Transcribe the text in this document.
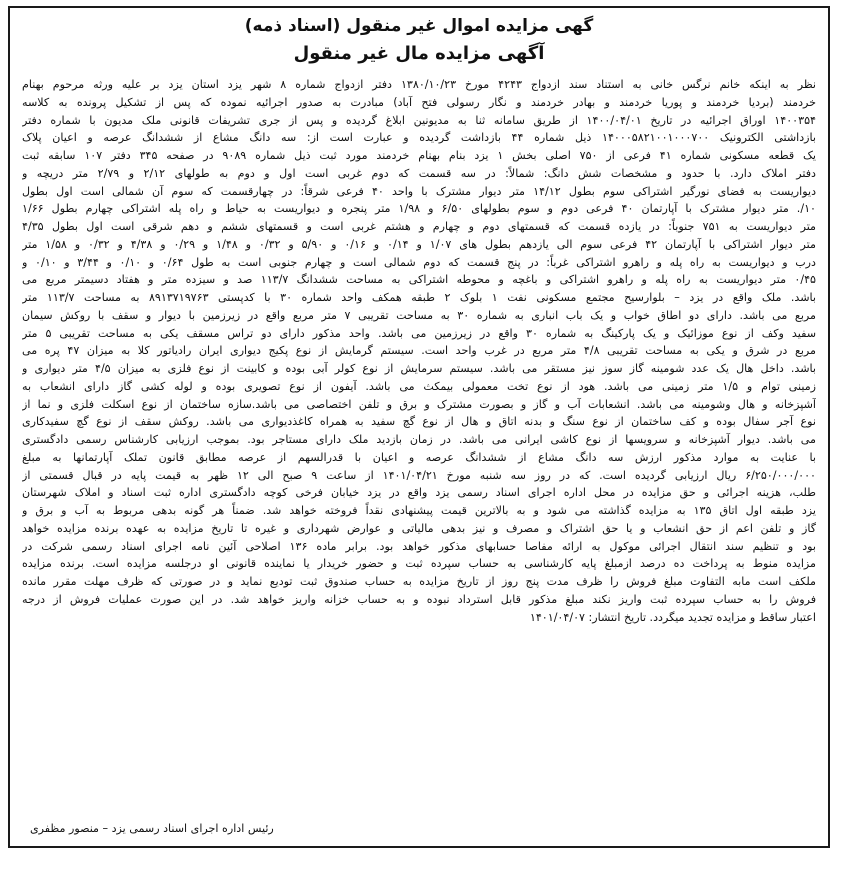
گهی مزایده اموال غیر منقول (اسناد ذمه)
آگهی مزایده مال غیر منقول
نظر به اینکه خانم نرگس خانی به استناد سند ازدواج ۴۲۴۳ مورخ ۱۳۸۰/۱۰/۲۳ دفتر ازدواج شماره ۸ شهر یزد استان یزد بر علیه ورثه مرحوم بهنام
خردمند (بردیا خردمند و پوریا خردمند و بهادر خردمند و نگار رسولی فتح آباد) مبادرت به صدور اجرائیه نموده که پس از تشکیل پرونده به کلاسه
۱۴۰۰۳۵۴ اوراق اجرائیه در تاریخ ۱۴۰۰/۰۴/۰۱ از طریق سامانه ثنا به مدیونین ابلاغ گردیده و پس از جری تشریفات قانونی ملک مدیون با شماره دفتر
بازداشتی الکترونیک ۱۴۰۰۰۵۸۲۱۰۰۱۰۰۰۷۰۰ ذیل شماره ۴۴ بازداشت گردیده و عبارت است از: سه دانگ مشاع از ششدانگ عرصه و اعیان پلاک
یک قطعه مسکونی شماره ۴۱ فرعی از ۷۵۰ اصلی بخش ۱ یزد بنام بهنام خردمند مورد ثبت ذیل شماره ۹۰۸۹ در صفحه ۳۴۵ دفتر ۱۰۷ سابقه ثبت
دفتر املاک دارد. با حدود و مشخصات شش دانگ: شمالاً: در سه قسمت که دوم غربی است اول و دوم به طولهای ۲/۱۲ و ۲/۷۹ متر دریچه و
دیواریست به فضای نورگیر اشتراکی سوم بطول ۱۴/۱۲ متر دیوار مشترک با واحد ۴۰ فرعی شرقاً: در چهارقسمت که سوم آن شمالی است اول بطول
۱۰/. متر دیوار مشترک با آپارتمان ۴۰ فرعی دوم و سوم بطولهای ۶/۵۰ و ۱/۹۸ متر پنجره و دیواریست به حیاط و راه پله اشتراکی چهارم بطول ۱/۶۶
متر دیواریست به ۷۵۱ جنوباً: در یازده قسمت که قسمتهای دوم و چهارم و هشتم غربی است و قسمتهای ششم و دهم شرقی است اول بطول ۴/۳۵
متر دیوار اشتراکی با آپارتمان ۴۲ فرعی سوم الی یازدهم بطول های ۱/۰۷ و ۰/۱۴ و ۰/۱۶ و ۵/۹۰ و ۰/۳۲ و ۱/۴۸ و ۰/۲۹ و ۴/۳۸ و ۰/۳۲ و ۱/۵۸ متر
درب و دیواریست به راه پله و راهرو اشتراکی غرباً: در پنج قسمت که دوم شمالی است و چهارم جنوبی است به طول ۰/۶۴ و ۰/۱۰ و ۳/۴۴ و ۰/۱۰ و
۰/۴۵ متر دیواریست به راه پله و راهرو اشتراکی و باغچه و محوطه اشتراکی به مساحت ششدانگ ۱۱۳/۷ صد و سیزده متر و هفتاد دسیمتر مربع می
باشد. ملک واقع در یزد – بلوارسیح مجتمع مسکونی نفت ۱ بلوک ۲ طبقه همکف واحد شماره ۳۰ با کدپستی ۸۹۱۳۷۱۹۷۶۳ به مساحت ۱۱۳/۷ متر
مربع می باشد. دارای دو اطاق خواب و یک باب انباری به شماره ۳۰ به مساحت تقریبی ۷ متر مربع واقع در زیرزمین با دیوار و سقف با روکش سیمان
سفید وکف از نوع موزائیک و یک پارکینگ به شماره ۳۰ واقع در زیرزمین می باشد. واحد مذکور دارای دو تراس مسقف یکی به مساحت تقریبی ۵ متر
مربع در شرق و یکی به مساحت تقریبی ۴/۸ متر مربع در غرب واحد است. سیستم گرمایش از نوع پکیج دیواری ایران رادیاتور کلا به میزان ۴۷ پره می
باشد. داخل هال یک عدد شومینه گاز سوز نیز مستقر می باشد. سیستم سرمایش از نوع کولر آبی بوده و کابینت از نوع فلزی به میزان ۴/۵ متر دیواری و
زمینی توام و ۱/۵ متر زمینی می باشد. هود از نوع تخت معمولی بیمکث می باشد. آیفون از نوع تصویری بوده و لوله کشی گاز دارای انشعاب به
آشپزخانه و هال وشومینه می باشد. انشعابات آب و گاز و بصورت مشترک و برق و تلفن اختصاصی می باشد.سازه ساختمان از نوع اسکلت فلزی و نما از
نوع آجر سفال بوده و کف ساختمان از نوع سنگ و بدنه اتاق و هال از نوع گچ سفید به همراه کاغذدیواری می باشد. روکش سقف از نوع گچ سفیدکاری
می باشد. دیوار آشپزخانه و سرویسها از نوع کاشی ایرانی می باشد. در زمان بازدید ملک دارای مستاجر بود. بموجب ارزیابی کارشناس رسمی دادگستری
با عنایت به موارد مذکور ارزش سه دانگ مشاع از ششدانگ عرصه و اعیان با قدرالسهم از عرصه مطابق قانون تملک آپارتمانها به مبلغ
۶/۲۵۰/۰۰۰/۰۰۰ ریال ارزیابی گردیده است. که در روز سه شنبه مورخ ۱۴۰۱/۰۴/۲۱ از ساعت ۹ صبح الی ۱۲ ظهر به قیمت پایه در قبال قسمتی از
طلب، هزینه اجرائی و حق مزایده در محل اداره اجرای اسناد رسمی یزد واقع در یزد خیابان فرخی کوچه دادگستری اداره ثبت اسناد و املاک شهرستان
یزد طبقه اول اتاق ۱۳۵ به مزایده گذاشته می شود و به بالاترین قیمت پیشنهادی نقداً فروخته خواهد شد. ضمناً هر گونه بدهی مربوط به آب و برق و
گاز و تلفن اعم از حق انشعاب و یا حق اشتراک و مصرف و نیز بدهی مالیاتی و عوارض شهرداری و غیره تا تاریخ مزایده به عهده برنده مزایده خواهد
بود و تنظیم سند انتقال اجرائی موکول به ارائه مفاصا حسابهای مذکور خواهد بود. برابر ماده ۱۳۶ اصلاحی آئین نامه اجرای اسناد رسمی شرکت در
مزایده منوط به پرداخت ده درصد ازمبلغ پایه کارشناسی به حساب سپرده ثبت و حضور خریدار یا نماینده قانونی او درجلسه مزایده است. برنده مزایده
ملکف است مابه التفاوت مبلغ فروش را ظرف مدت پنج روز از تاریخ مزایده به حساب صندوق ثبت تودیع نماید و در صورتی که ظرف مهلت مقرر مانده
فروش را به حساب سپرده ثبت واریز نکند مبلغ مذکور قابل استرداد نبوده و به حساب خزانه واریز خواهد شد. در این صورت عملیات فروش از درجه
اعتبار ساقط و مزایده تجدید میگردد. تاریخ انتشار: ۱۴۰۱/۰۴/۰۷
رئیس اداره اجرای اسناد رسمی یزد – منصور مظفری
